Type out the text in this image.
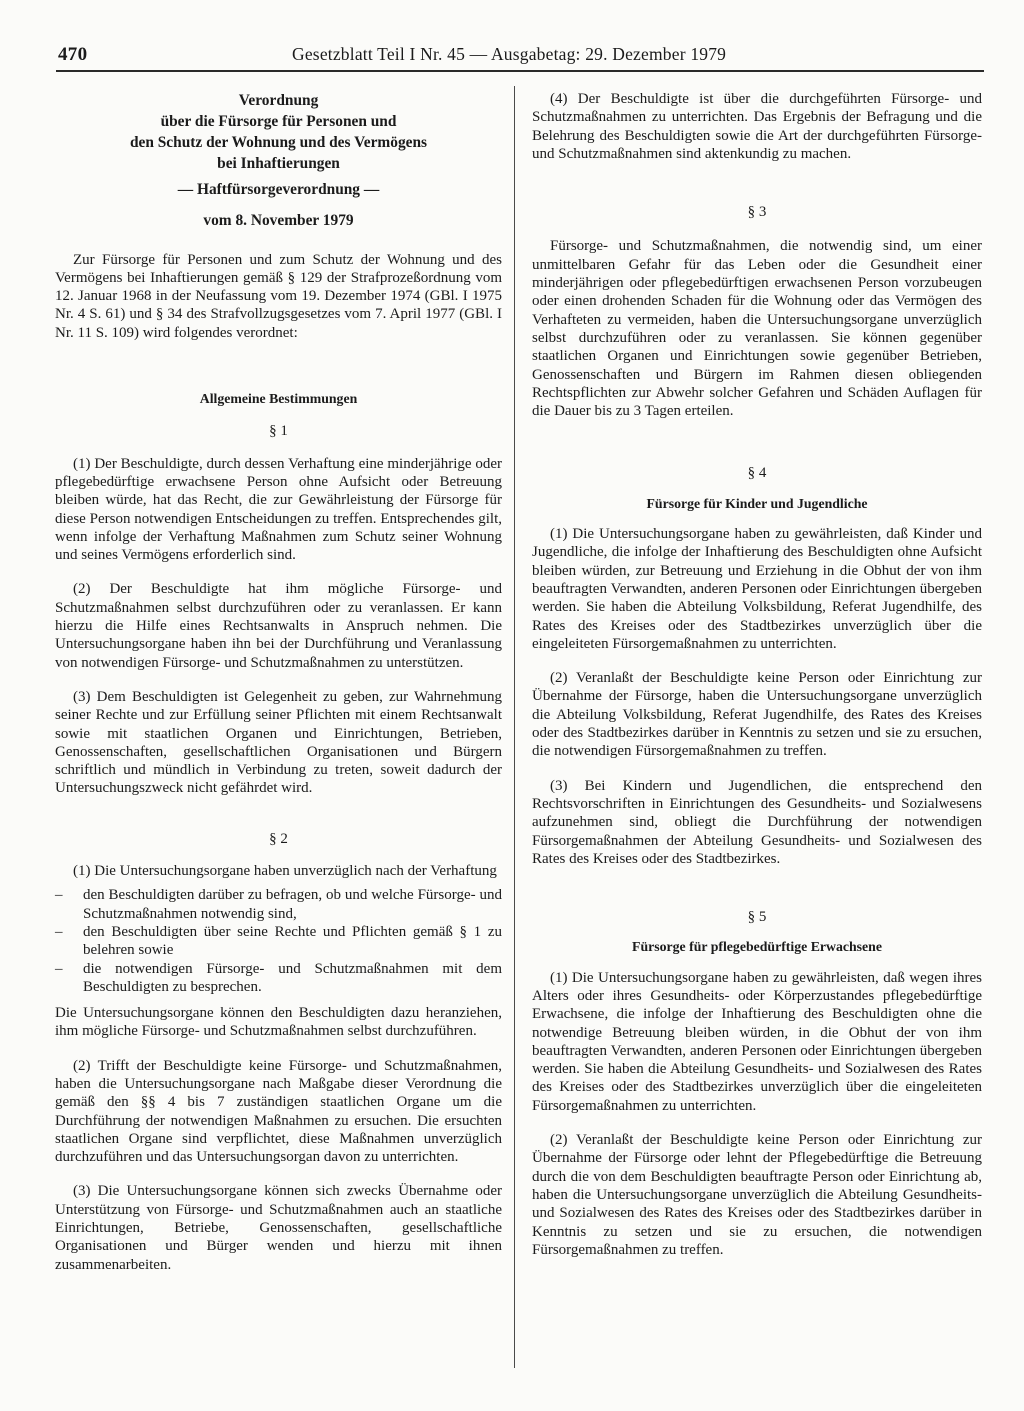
470	Gesetzblatt Teil I Nr. 45 — Ausgabetag: 29. Dezember 1979

Verordnung

über die Fürsorge für Personen und

den Schutz der Wohnung und des Vermögens

bei Inhaftierungen

— Haftfürsorgeverordnung —

vom 8. November 1979

Zur Fürsorge für Personen und zum Schutz der Wohnung und des Vermögens bei Inhaftierungen gemäß § 129 der Strafprozeßordnung vom 12. Januar 1968 in der Neufassung vom 19. Dezember 1974 (GBl. I 1975 Nr. 4 S. 61) und § 34 des Strafvollzugsgesetzes vom 7. April 1977 (GBl. I Nr. 11 S. 109) wird folgendes verordnet:

Allgemeine Bestimmungen

§ 1

(1) Der Beschuldigte, durch dessen Verhaftung eine minderjährige oder pflegebedürftige erwachsene Person ohne Aufsicht oder Betreuung bleiben würde, hat das Recht, die zur Gewährleistung der Fürsorge für diese Person notwendigen Entscheidungen zu treffen. Entsprechendes gilt, wenn infolge der Verhaftung Maßnahmen zum Schutz seiner Wohnung und seines Vermögens erforderlich sind.

(2) Der Beschuldigte hat ihm mögliche Fürsorge- und Schutzmaßnahmen selbst durchzuführen oder zu veranlassen. Er kann hierzu die Hilfe eines Rechtsanwalts in Anspruch nehmen. Die Untersuchungsorgane haben ihn bei der Durchführung und Veranlassung von notwendigen Fürsorge- und Schutzmaßnahmen zu unterstützen.

(3) Dem Beschuldigten ist Gelegenheit zu geben, zur Wahrnehmung seiner Rechte und zur Erfüllung seiner Pflichten mit einem Rechtsanwalt sowie mit staatlichen Organen und Einrichtungen, Betrieben, Genossenschaften, gesellschaftlichen Organisationen und Bürgern schriftlich und mündlich in Verbindung zu treten, soweit dadurch der Untersuchungszweck nicht gefährdet wird.

§ 2

(1) Die Untersuchungsorgane haben unverzüglich nach der Verhaftung

– den Beschuldigten darüber zu befragen, ob und welche Fürsorge- und Schutzmaßnahmen notwendig sind,
– den Beschuldigten über seine Rechte und Pflichten gemäß § 1 zu belehren sowie
– die notwendigen Fürsorge- und Schutzmaßnahmen mit dem Beschuldigten zu besprechen.

Die Untersuchungsorgane können den Beschuldigten dazu heranziehen, ihm mögliche Fürsorge- und Schutzmaßnahmen selbst durchzuführen.

(2) Trifft der Beschuldigte keine Fürsorge- und Schutzmaßnahmen, haben die Untersuchungsorgane nach Maßgabe dieser Verordnung die gemäß den §§ 4 bis 7 zuständigen staatlichen Organe um die Durchführung der notwendigen Maßnahmen zu ersuchen. Die ersuchten staatlichen Organe sind verpflichtet, diese Maßnahmen unverzüglich durchzuführen und das Untersuchungsorgan davon zu unterrichten.

(3) Die Untersuchungsorgane können sich zwecks Übernahme oder Unterstützung von Fürsorge- und Schutzmaßnahmen auch an staatliche Einrichtungen, Betriebe, Genossenschaften, gesellschaftliche Organisationen und Bürger wenden und hierzu mit ihnen zusammenarbeiten.

(4) Der Beschuldigte ist über die durchgeführten Fürsorge- und Schutzmaßnahmen zu unterrichten. Das Ergebnis der Befragung und die Belehrung des Beschuldigten sowie die Art der durchgeführten Fürsorge- und Schutzmaßnahmen sind aktenkundig zu machen.

§ 3

Fürsorge- und Schutzmaßnahmen, die notwendig sind, um einer unmittelbaren Gefahr für das Leben oder die Gesundheit einer minderjährigen oder pflegebedürftigen erwachsenen Person vorzubeugen oder einen drohenden Schaden für die Wohnung oder das Vermögen des Verhafteten zu vermeiden, haben die Untersuchungsorgane unverzüglich selbst durchzuführen oder zu veranlassen. Sie können gegenüber staatlichen Organen und Einrichtungen sowie gegenüber Betrieben, Genossenschaften und Bürgern im Rahmen diesen obliegenden Rechtspflichten zur Abwehr solcher Gefahren und Schäden Auflagen für die Dauer bis zu 3 Tagen erteilen.

§ 4

Fürsorge für Kinder und Jugendliche

(1) Die Untersuchungsorgane haben zu gewährleisten, daß Kinder und Jugendliche, die infolge der Inhaftierung des Beschuldigten ohne Aufsicht bleiben würden, zur Betreuung und Erziehung in die Obhut der von ihm beauftragten Verwandten, anderen Personen oder Einrichtungen übergeben werden. Sie haben die Abteilung Volksbildung, Referat Jugendhilfe, des Rates des Kreises oder des Stadtbezirkes unverzüglich über die eingeleiteten Fürsorgemaßnahmen zu unterrichten.

(2) Veranlaßt der Beschuldigte keine Person oder Einrichtung zur Übernahme der Fürsorge, haben die Untersuchungsorgane unverzüglich die Abteilung Volksbildung, Referat Jugendhilfe, des Rates des Kreises oder des Stadtbezirkes darüber in Kenntnis zu setzen und sie zu ersuchen, die notwendigen Fürsorgemaßnahmen zu treffen.

(3) Bei Kindern und Jugendlichen, die entsprechend den Rechtsvorschriften in Einrichtungen des Gesundheits- und Sozialwesens aufzunehmen sind, obliegt die Durchführung der notwendigen Fürsorgemaßnahmen der Abteilung Gesundheits- und Sozialwesen des Rates des Kreises oder des Stadtbezirkes.

§ 5

Fürsorge für pflegebedürftige Erwachsene

(1) Die Untersuchungsorgane haben zu gewährleisten, daß wegen ihres Alters oder ihres Gesundheits- oder Körperzustandes pflegebedürftige Erwachsene, die infolge der Inhaftierung des Beschuldigten ohne die notwendige Betreuung bleiben würden, in die Obhut der von ihm beauftragten Verwandten, anderen Personen oder Einrichtungen übergeben werden. Sie haben die Abteilung Gesundheits- und Sozialwesen des Rates des Kreises oder des Stadtbezirkes unverzüglich über die eingeleiteten Fürsorgemaßnahmen zu unterrichten.

(2) Veranlaßt der Beschuldigte keine Person oder Einrichtung zur Übernahme der Fürsorge oder lehnt der Pflegebedürftige die Betreuung durch die von dem Beschuldigten beauftragte Person oder Einrichtung ab, haben die Untersuchungsorgane unverzüglich die Abteilung Gesundheits- und Sozialwesen des Rates des Kreises oder des Stadtbezirkes darüber in Kenntnis zu setzen und sie zu ersuchen, die notwendigen Fürsorgemaßnahmen zu treffen.
